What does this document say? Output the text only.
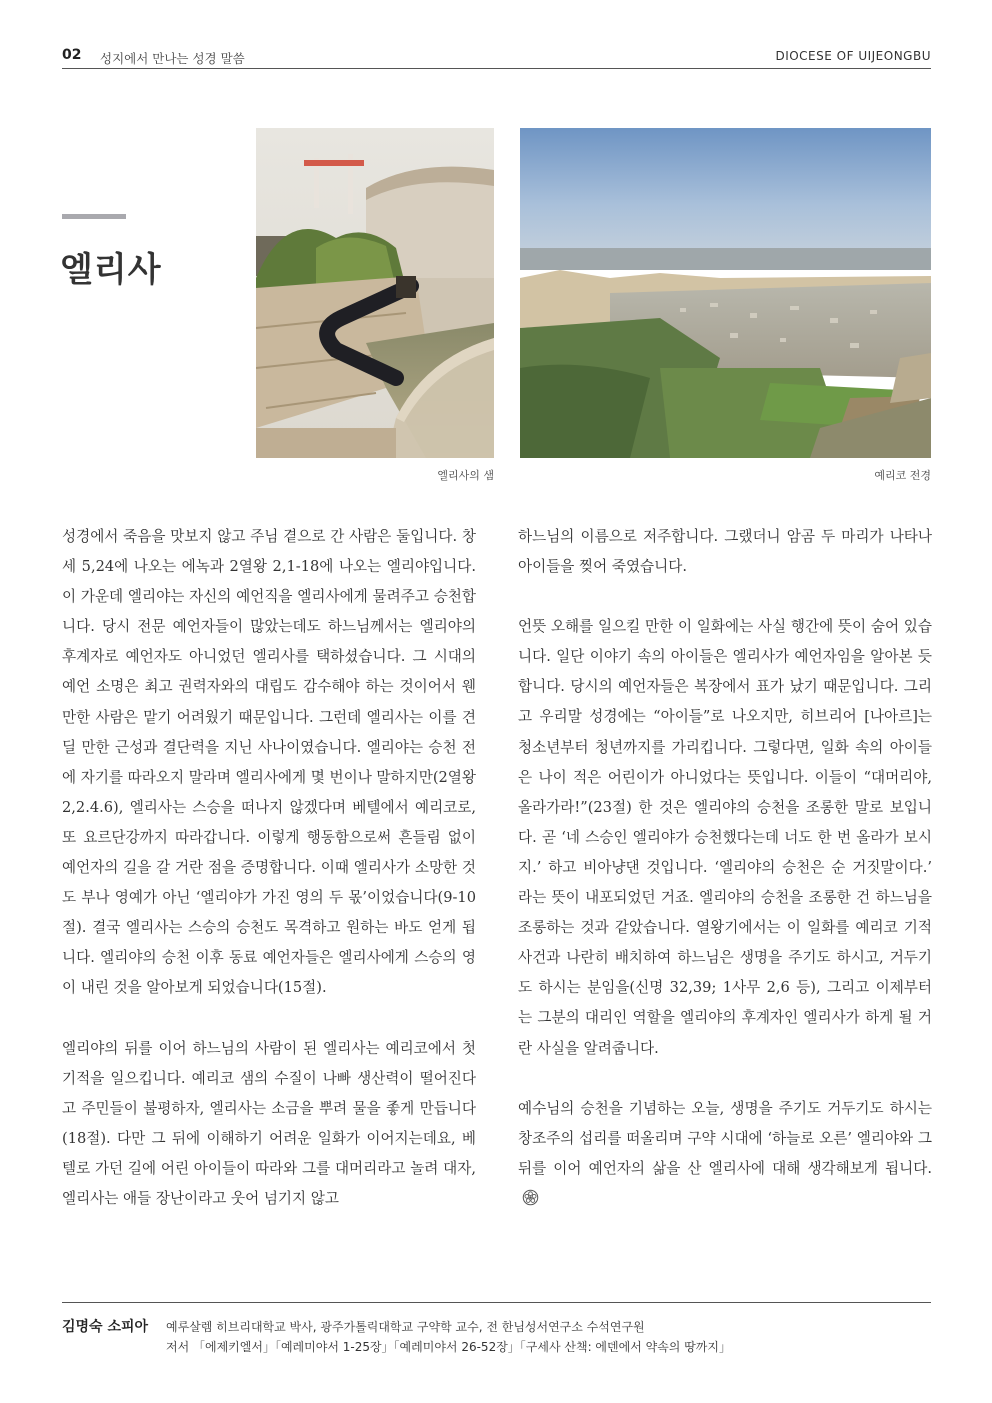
02 성지에서 만나는 성경 말씀	DIOCESE OF UIJEONGBU
엘리사
엘리사의 샘	예리코 전경

성경에서 죽음을 맛보지 않고 주님 곁으로 간 사람은 둘입니다. 창세 5,24에 나오는 에녹과 2열왕 2,1-18에 나오는 엘리야입니다. 이 가운데 엘리야는 자신의 예언직을 엘리사에게 물려주고 승천합니다. 당시 전문 예언자들이 많았는데도 하느님께서는 엘리야의 후계자로 예언자도 아니었던 엘리사를 택하셨습니다. 그 시대의 예언 소명은 최고 권력자와의 대립도 감수해야 하는 것이어서 웬만한 사람은 맡기 어려웠기 때문입니다. 그런데 엘리사는 이를 견딜 만한 근성과 결단력을 지닌 사나이였습니다. 엘리야는 승천 전에 자기를 따라오지 말라며 엘리사에게 몇 번이나 말하지만(2열왕 2,2.4.6), 엘리사는 스승을 떠나지 않겠다며 베텔에서 예리코로, 또 요르단강까지 따라갑니다. 이렇게 행동함으로써 흔들림 없이 예언자의 길을 갈 거란 점을 증명합니다. 이때 엘리사가 소망한 것도 부나 영예가 아닌 ‘엘리야가 가진 영의 두 몫’이었습니다(9-10절). 결국 엘리사는 스승의 승천도 목격하고 원하는 바도 얻게 됩니다. 엘리야의 승천 이후 동료 예언자들은 엘리사에게 스승의 영이 내린 것을 알아보게 되었습니다(15절).

엘리야의 뒤를 이어 하느님의 사람이 된 엘리사는 예리코에서 첫 기적을 일으킵니다. 예리코 샘의 수질이 나빠 생산력이 떨어진다고 주민들이 불평하자, 엘리사는 소금을 뿌려 물을 좋게 만듭니다(18절). 다만 그 뒤에 이해하기 어려운 일화가 이어지는데요, 베텔로 가던 길에 어린 아이들이 따라와 그를 대머리라고 놀려 대자, 엘리사는 애들 장난이라고 웃어 넘기지 않고

하느님의 이름으로 저주합니다. 그랬더니 암곰 두 마리가 나타나 아이들을 찢어 죽였습니다.

언뜻 오해를 일으킬 만한 이 일화에는 사실 행간에 뜻이 숨어 있습니다. 일단 이야기 속의 아이들은 엘리사가 예언자임을 알아본 듯합니다. 당시의 예언자들은 복장에서 표가 났기 때문입니다. 그리고 우리말 성경에는 “아이들”로 나오지만, 히브리어 [나아르]는 청소년부터 청년까지를 가리킵니다. 그렇다면, 일화 속의 아이들은 나이 적은 어린이가 아니었다는 뜻입니다. 이들이 “대머리야, 올라가라!”(23절) 한 것은 엘리야의 승천을 조롱한 말로 보입니다. 곧 ‘네 스승인 엘리야가 승천했다는데 너도 한 번 올라가 보시지.’ 하고 비아냥댄 것입니다. ‘엘리야의 승천은 순 거짓말이다.’ 라는 뜻이 내포되었던 거죠. 엘리야의 승천을 조롱한 건 하느님을 조롱하는 것과 같았습니다. 열왕기에서는 이 일화를 예리코 기적 사건과 나란히 배치하여 하느님은 생명을 주기도 하시고, 거두기도 하시는 분임을(신명 32,39; 1사무 2,6 등), 그리고 이제부터는 그분의 대리인 역할을 엘리야의 후계자인 엘리사가 하게 될 거란 사실을 알려줍니다.

예수님의 승천을 기념하는 오늘, 생명을 주기도 거두기도 하시는 창조주의 섭리를 떠올리며 구약 시대에 ‘하늘로 오른’ 엘리야와 그 뒤를 이어 예언자의 삶을 산 엘리사에 대해 생각해보게 됩니다.

김명숙 소피아 예루살렘 히브리대학교 박사, 광주가톨릭대학교 구약학 교수, 전 한님성서연구소 수석연구원
저서 「에제키엘서」「예레미야서 1-25장」「예레미야서 26-52장」「구세사 산책: 에덴에서 약속의 땅까지」
